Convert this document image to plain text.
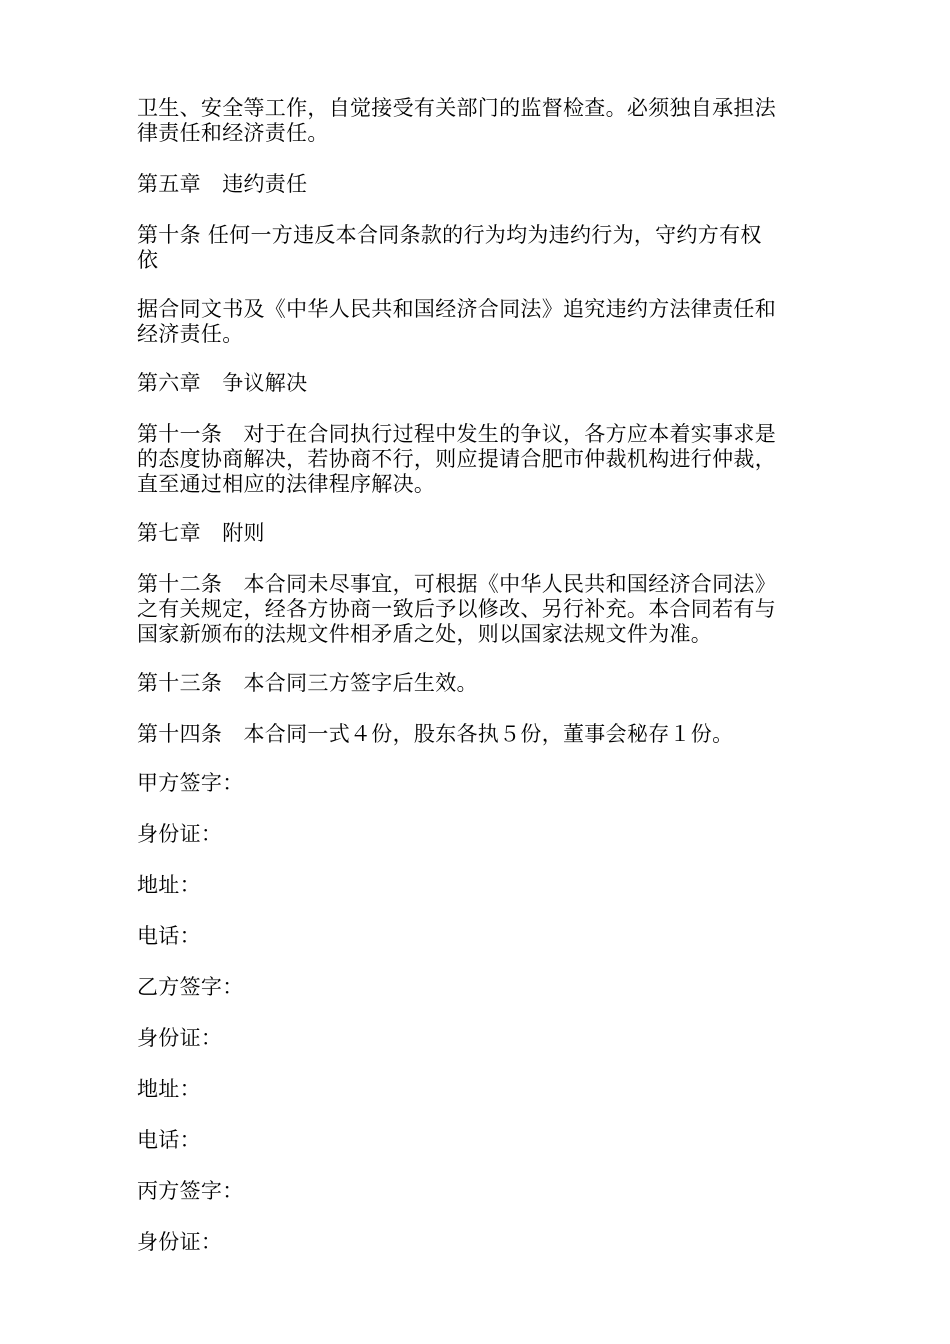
卫生、安全等工作，自觉接受有关部门的监督检查。必须独自承担法
律责任和经济责任。

第五章　违约责任

第十条 任何一方违反本合同条款的行为均为违约行为，守约方有权
依

据合同文书及《中华人民共和国经济合同法》追究违约方法律责任和
经济责任。

第六章　争议解决

第十一条　对于在合同执行过程中发生的争议，各方应本着实事求是
的态度协商解决，若协商不行，则应提请合肥市仲裁机构进行仲裁，
直至通过相应的法律程序解决。

第七章　附则

第十二条　本合同未尽事宜，可根据《中华人民共和国经济合同法》
之有关规定，经各方协商一致后予以修改、另行补充。本合同若有与
国家新颁布的法规文件相矛盾之处，则以国家法规文件为准。

第十三条　本合同三方签字后生效。

第十四条　本合同一式４份，股东各执５份，董事会秘存１份。

甲方签字：

身份证：

地址：

电话：

乙方签字：

身份证：

地址：

电话：

丙方签字：

身份证：
